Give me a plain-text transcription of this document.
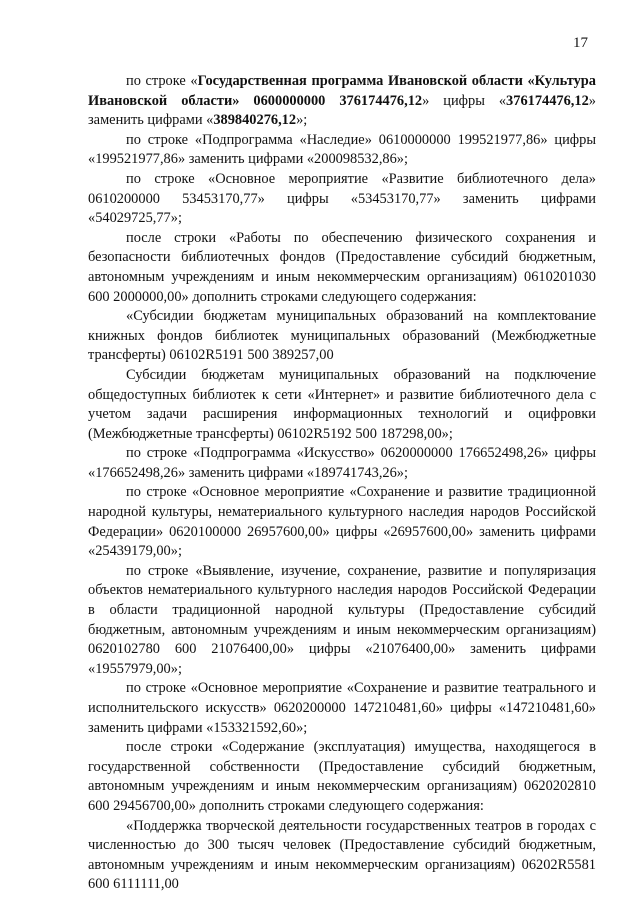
17

по строке «Государственная программа Ивановской области «Культура Ивановской области» 0600000000 376174476,12» цифры «376174476,12» заменить цифрами «389840276,12»;

по строке «Подпрограмма «Наследие» 0610000000 199521977,86» цифры «199521977,86» заменить цифрами «200098532,86»;

по строке «Основное мероприятие «Развитие библиотечного дела» 0610200000 53453170,77» цифры «53453170,77» заменить цифрами «54029725,77»;

после строки «Работы по обеспечению физического сохранения и безопасности библиотечных фондов (Предоставление субсидий бюджетным, автономным учреждениям и иным некоммерческим организациям) 0610201030 600 2000000,00» дополнить строками следующего содержания:

«Субсидии бюджетам муниципальных образований на комплектование книжных фондов библиотек муниципальных образований (Межбюджетные трансферты) 06102R5191 500 389257,00

Субсидии бюджетам муниципальных образований на подключение общедоступных библиотек к сети «Интернет» и развитие библиотечного дела с учетом задачи расширения информационных технологий и оцифровки (Межбюджетные трансферты) 06102R5192 500 187298,00»;

по строке «Подпрограмма «Искусство» 0620000000 176652498,26» цифры «176652498,26» заменить цифрами «189741743,26»;

по строке «Основное мероприятие «Сохранение и развитие традиционной народной культуры, нематериального культурного наследия народов Российской Федерации» 0620100000 26957600,00» цифры «26957600,00» заменить цифрами «25439179,00»;

по строке «Выявление, изучение, сохранение, развитие и популяризация объектов нематериального культурного наследия народов Российской Федерации в области традиционной народной культуры (Предоставление субсидий бюджетным, автономным учреждениям и иным некоммерческим организациям) 0620102780 600 21076400,00» цифры «21076400,00» заменить цифрами «19557979,00»;

по строке «Основное мероприятие «Сохранение и развитие театрального и исполнительского искусств» 0620200000 147210481,60» цифры «147210481,60» заменить цифрами «153321592,60»;

после строки «Содержание (эксплуатация) имущества, находящегося в государственной собственности (Предоставление субсидий бюджетным, автономным учреждениям и иным некоммерческим организациям) 0620202810 600 29456700,00» дополнить строками следующего содержания:

«Поддержка творческой деятельности государственных театров в городах с численностью до 300 тысяч человек (Предоставление субсидий бюджетным, автономным учреждениям и иным некоммерческим организациям) 06202R5581 600 6111111,00
